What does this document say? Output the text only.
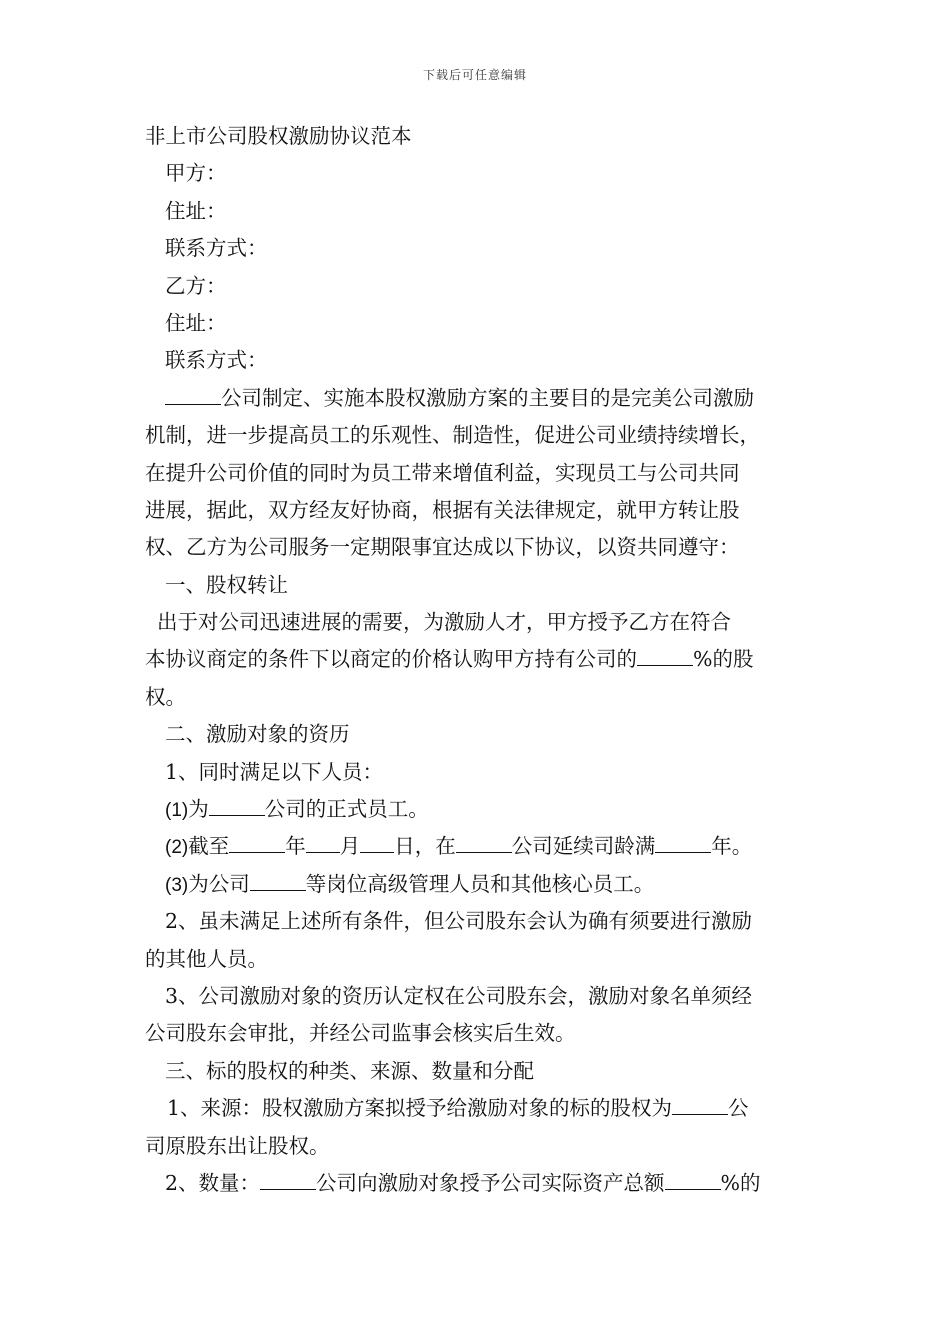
下载后可任意编辑
非上市公司股权激励协议范本
甲方：
住址：
联系方式：
乙方：
住址：
联系方式：
公司制定、实施本股权激励方案的主要目的是完美公司激励
机制，进一步提高员工的乐观性、制造性，促进公司业绩持续增长，
在提升公司价值的同时为员工带来增值利益，实现员工与公司共同
进展，据此，双方经友好协商，根据有关法律规定，就甲方转让股
权、乙方为公司服务一定期限事宜达成以下协议，以资共同遵守：
一、股权转让
出于对公司迅速进展的需要，为激励人才，甲方授予乙方在符合
本协议商定的条件下以商定的价格认购甲方持有公司的	%的股
权。
二、激励对象的资历
1、同时满足以下人员：
(1)为	公司的正式员工。
(2)截至	年 月 日，在	公司延续司龄满	年。
(3)为公司	等岗位高级管理人员和其他核心员工。
2、虽未满足上述所有条件，但公司股东会认为确有须要进行激励
的其他人员。
3、公司激励对象的资历认定权在公司股东会，激励对象名单须经
公司股东会审批，并经公司监事会核实后生效。
三、标的股权的种类、来源、数量和分配
1、来源：股权激励方案拟授予给激励对象的标的股权为	公
司原股东出让股权。
2、数量：	公司向激励对象授予公司实际资产总额	%的
